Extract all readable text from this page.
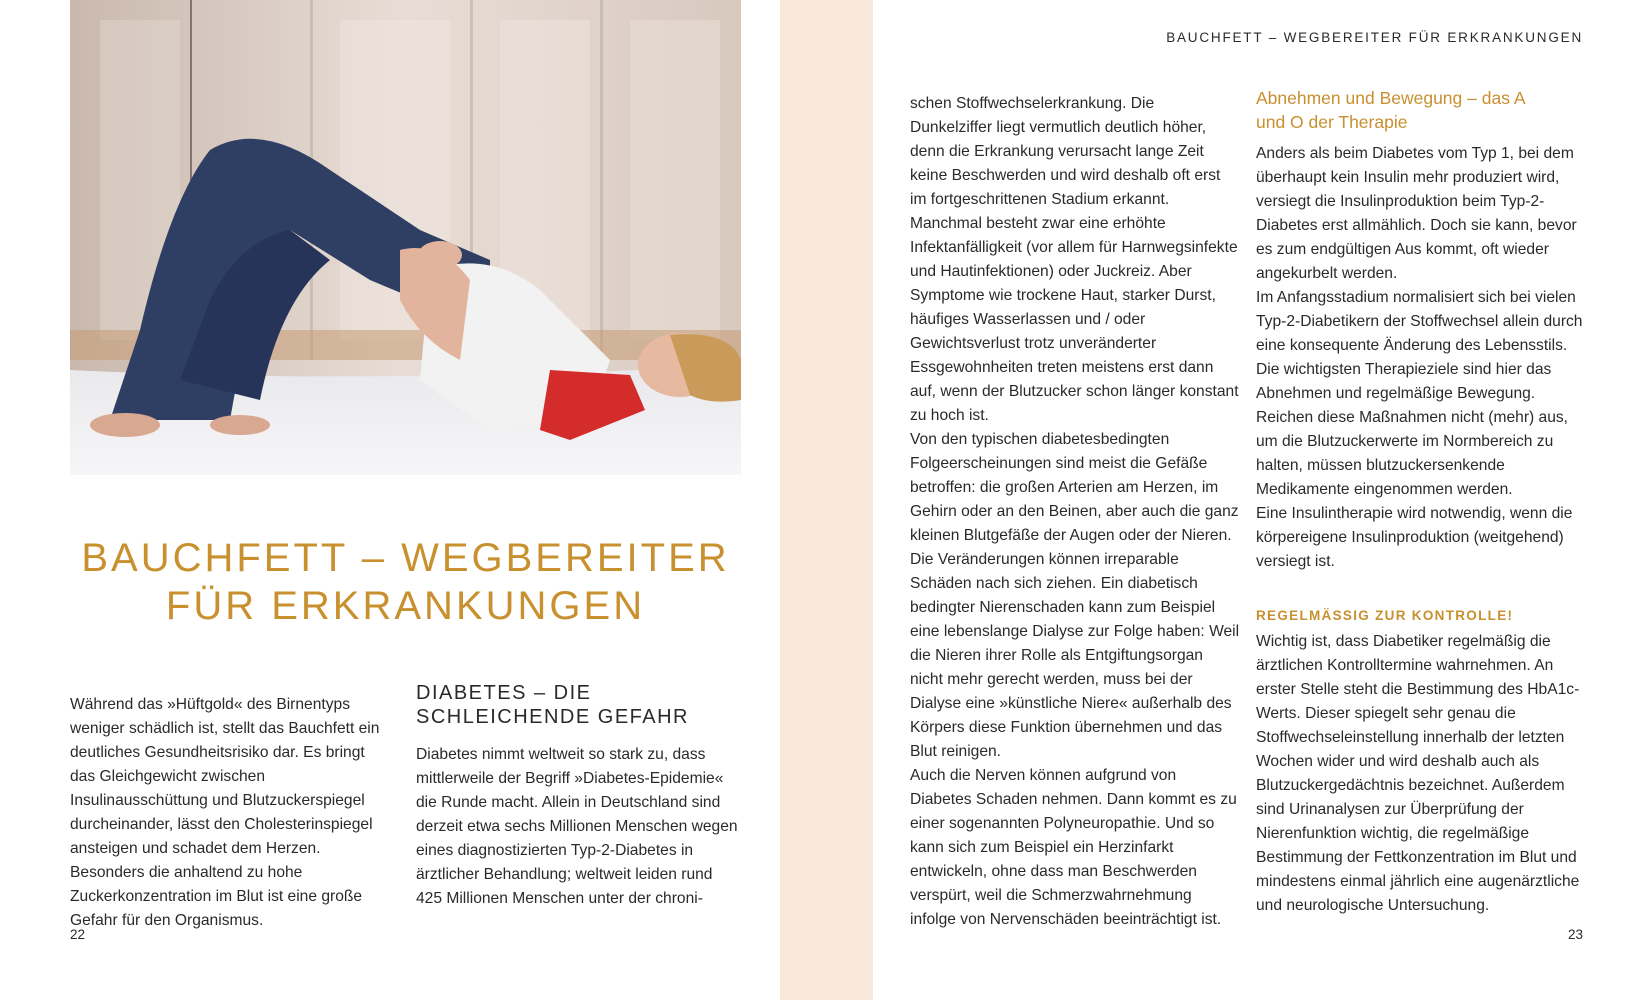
BAUCHFETT – WEGBEREITER
FÜR ERKRANKUNGEN

Während das »Hüftgold« des Birnentyps weniger schädlich ist, stellt das Bauchfett ein deutliches Gesundheitsrisiko dar. Es bringt das Gleichgewicht zwischen Insulinausschüttung und Blutzuckerspiegel durcheinander, lässt den Cholesterinspiegel ansteigen und schadet dem Herzen. Besonders die anhaltend zu hohe Zuckerkonzentration im Blut ist eine große Gefahr für den Organismus.

DIABETES – DIE
SCHLEICHENDE GEFAHR

Diabetes nimmt weltweit so stark zu, dass mittlerweile der Begriff »Diabetes-Epidemie« die Runde macht. Allein in Deutschland sind derzeit etwa sechs Millionen Menschen wegen eines diagnostizierten Typ-2-Diabetes in ärztlicher Behandlung; weltweit leiden rund 425 Millionen Menschen unter der chroni-

BAUCHFETT – WEGBEREITER FÜR ERKRANKUNGEN

schen Stoffwechselerkrankung. Die Dunkelziffer liegt vermutlich deutlich höher, denn die Erkrankung verursacht lange Zeit keine Beschwerden und wird deshalb oft erst im fortgeschrittenen Stadium erkannt. Manchmal besteht zwar eine erhöhte Infektanfälligkeit (vor allem für Harnwegsinfekte und Hautinfektionen) oder Juckreiz. Aber Symptome wie trockene Haut, starker Durst, häufiges Wasserlassen und / oder Gewichtsverlust trotz unveränderter Essgewohnheiten treten meistens erst dann auf, wenn der Blutzucker schon länger konstant zu hoch ist.

Von den typischen diabetesbedingten Folgeerscheinungen sind meist die Gefäße betroffen: die großen Arterien am Herzen, im Gehirn oder an den Beinen, aber auch die ganz kleinen Blutgefäße der Augen oder der Nieren. Die Veränderungen können irreparable Schäden nach sich ziehen. Ein diabetisch bedingter Nierenschaden kann zum Beispiel eine lebenslange Dialyse zur Folge haben: Weil die Nieren ihrer Rolle als Entgiftungsorgan nicht mehr gerecht werden, muss bei der Dialyse eine »künstliche Niere« außerhalb des Körpers diese Funktion übernehmen und das Blut reinigen.

Auch die Nerven können aufgrund von Diabetes Schaden nehmen. Dann kommt es zu einer sogenannten Polyneuropathie. Und so kann sich zum Beispiel ein Herzinfarkt entwickeln, ohne dass man Beschwerden verspürt, weil die Schmerzwahrnehmung infolge von Nervenschäden beeinträchtigt ist.

Abnehmen und Bewegung – das A
und O der Therapie

Anders als beim Diabetes vom Typ 1, bei dem überhaupt kein Insulin mehr produziert wird, versiegt die Insulinproduktion beim Typ-2-Diabetes erst allmählich. Doch sie kann, bevor es zum endgültigen Aus kommt, oft wieder angekurbelt werden.

Im Anfangsstadium normalisiert sich bei vielen Typ-2-Diabetikern der Stoffwechsel allein durch eine konsequente Änderung des Lebensstils. Die wichtigsten Therapieziele sind hier das Abnehmen und regelmäßige Bewegung. Reichen diese Maßnahmen nicht (mehr) aus, um die Blutzuckerwerte im Normbereich zu halten, müssen blutzuckersenkende Medikamente eingenommen werden.

Eine Insulintherapie wird notwendig, wenn die körpereigene Insulinproduktion (weitgehend) versiegt ist.

REGELMÄSSIG ZUR KONTROLLE!

Wichtig ist, dass Diabetiker regelmäßig die ärztlichen Kontrolltermine wahrnehmen. An erster Stelle steht die Bestimmung des HbA1c-Werts. Dieser spiegelt sehr genau die Stoffwechseleinstellung innerhalb der letzten Wochen wider und wird deshalb auch als Blutzuckergedächtnis bezeichnet. Außerdem sind Urinanalysen zur Überprüfung der Nierenfunktion wichtig, die regelmäßige Bestimmung der Fettkonzentration im Blut und mindestens einmal jährlich eine augenärztliche und neurologische Untersuchung.

22	23
